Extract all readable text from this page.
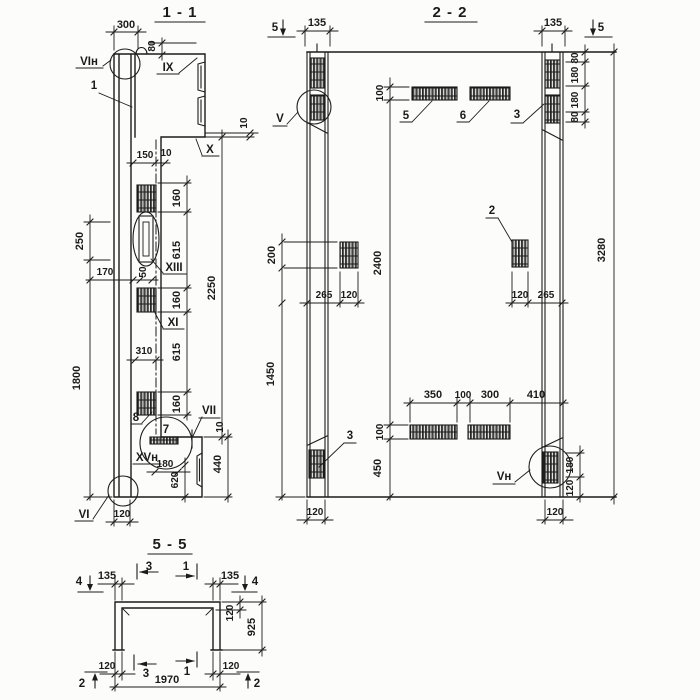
1 - 1
300
80
150 10
10
160
615
160
615
160
2250
250
1800
170 50
310
180
620
440
10
120
VIн	IX
X
XIII
XI
XVн
VII
VI
1
7
8
2 - 2
135	135
80
180
180
80
100
2400
200
265 120	120 265
3280
1450
350 100 300	410
100
450	180
120
120	120
V
Vн
5	5
5	6	3
3
2
5 - 5
135	135
120
925
120	120
1970
4	4
2	2
3	1
3	1
